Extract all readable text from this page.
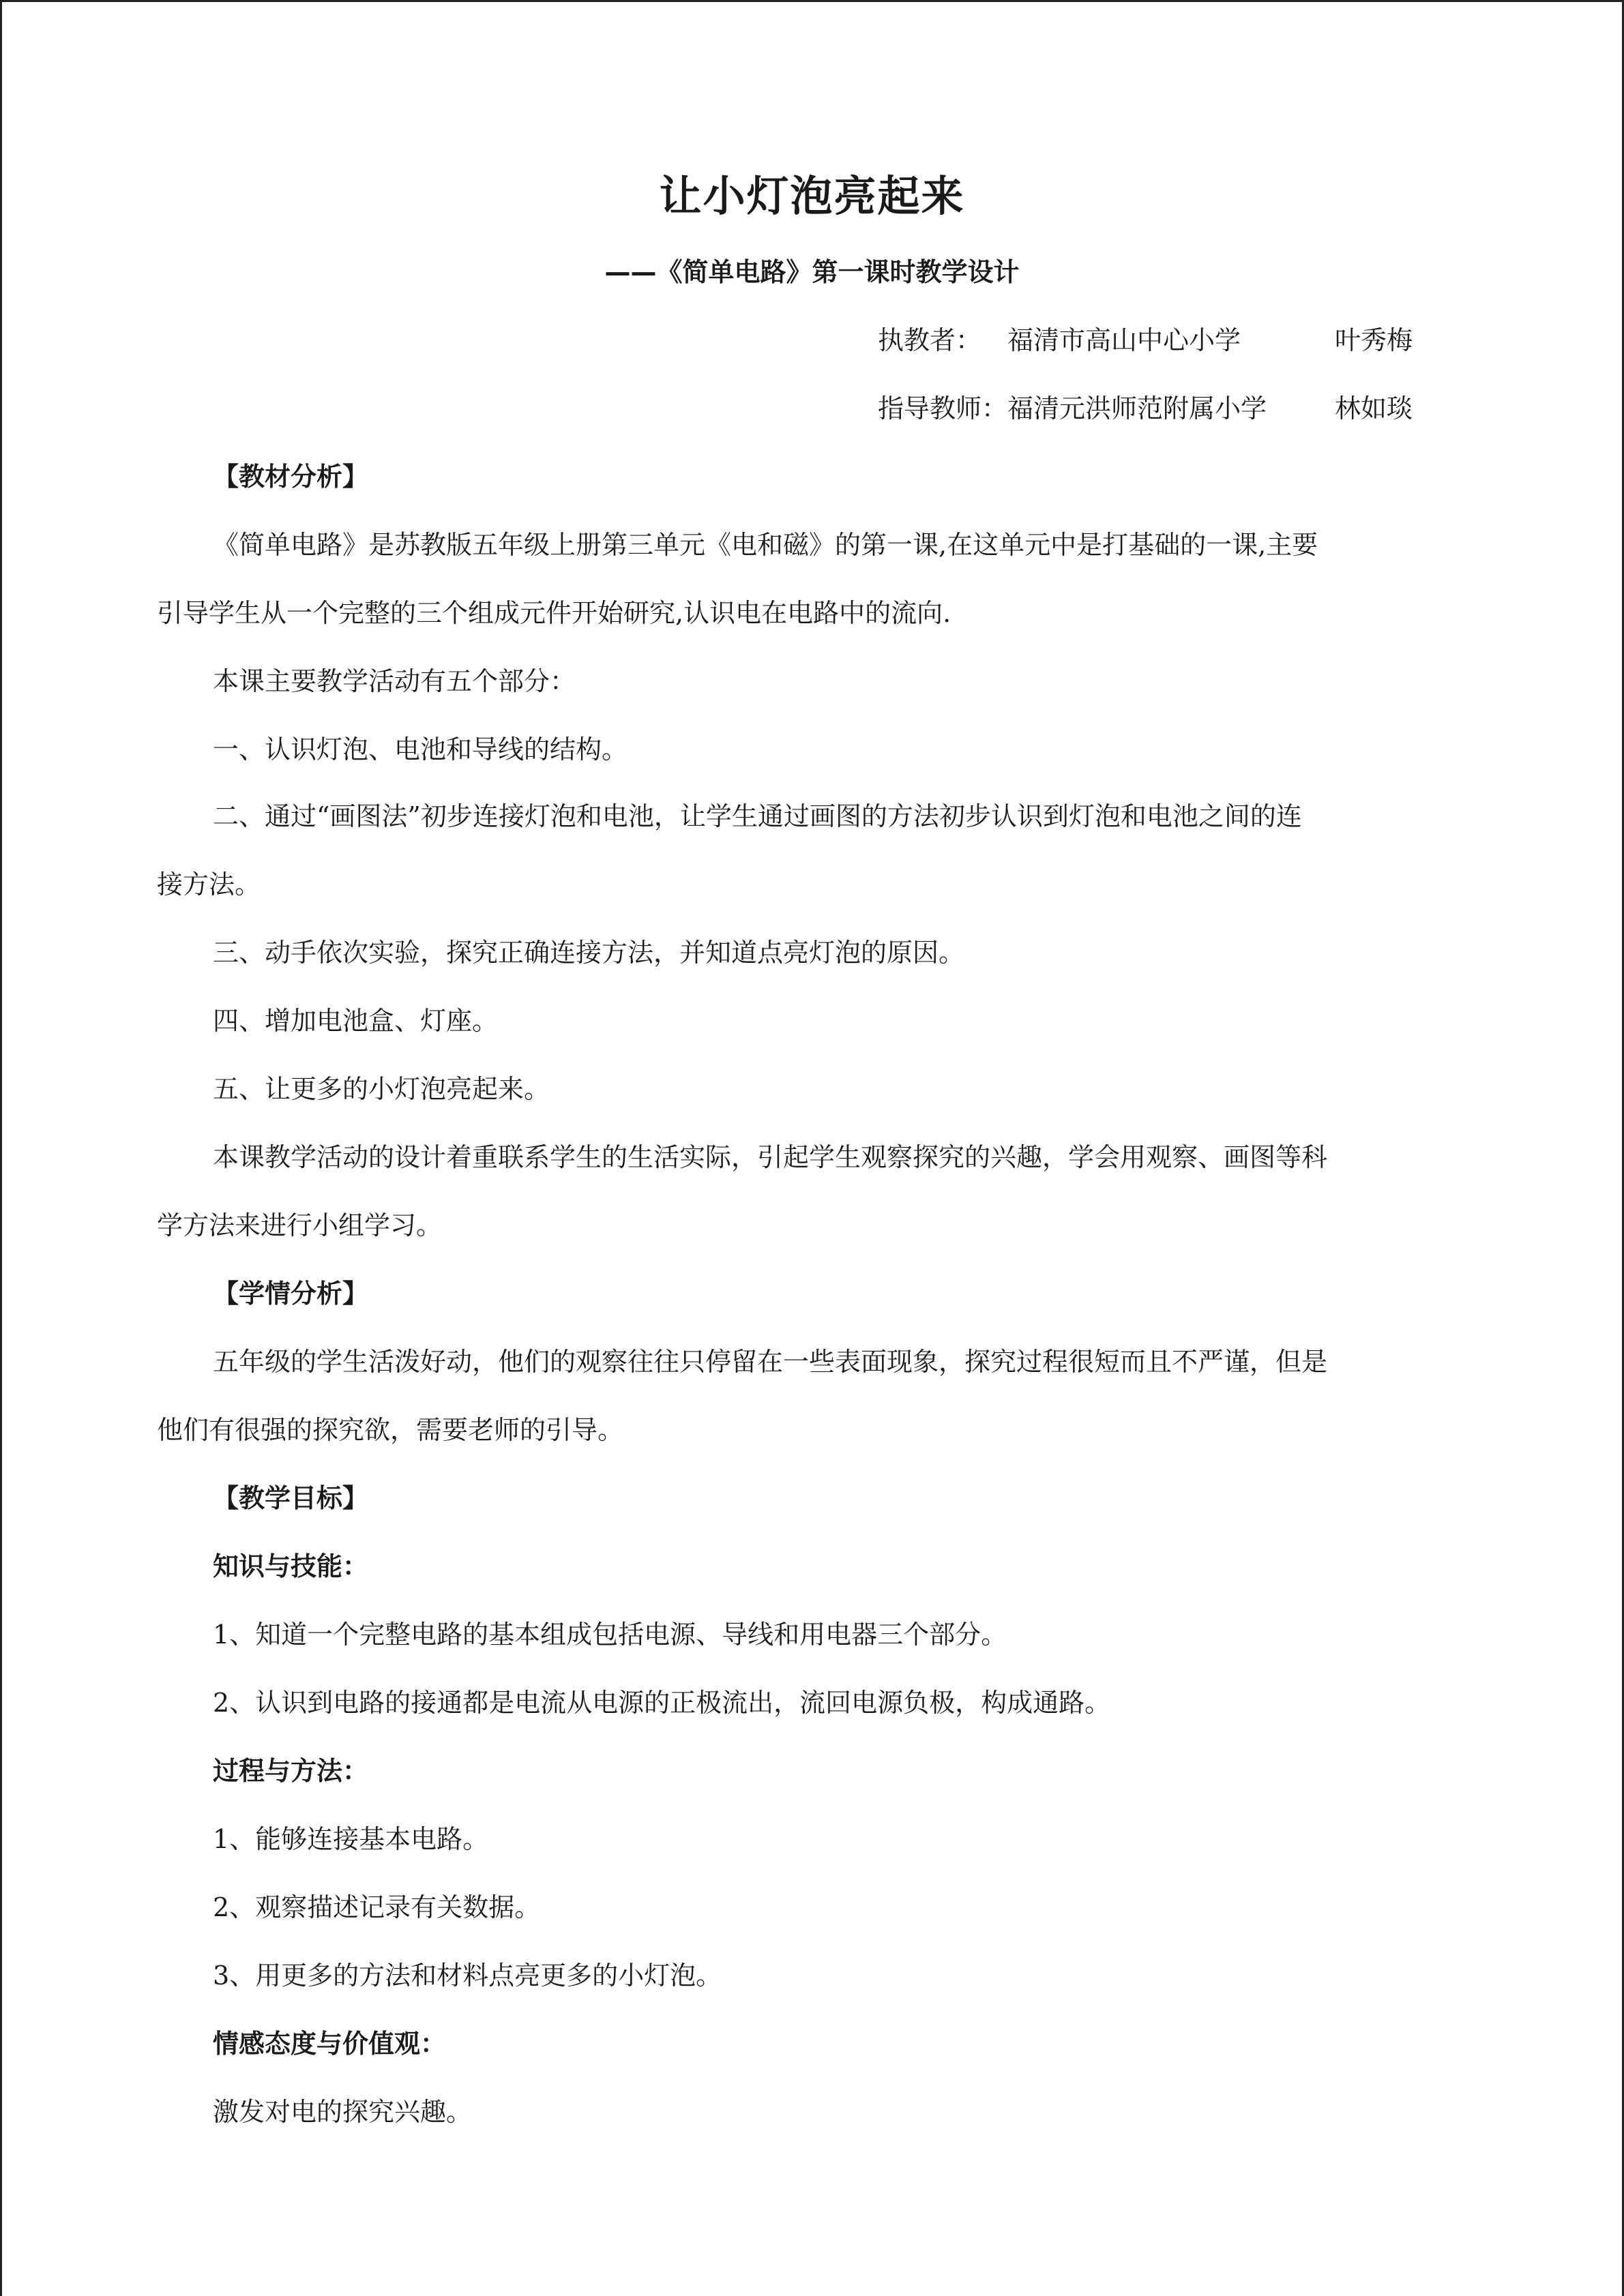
让小灯泡亮起来
——《简单电路》第一课时教学设计
执教者： 福清市高山中心小学	叶秀梅
指导教师：福清元洪师范附属小学	林如琰
【教材分析】
《简单电路》是苏教版五年级上册第三单元《电和磁》的第一课,在这单元中是打基础的一课,主要
引导学生从一个完整的三个组成元件开始研究,认识电在电路中的流向.
本课主要教学活动有五个部分：
一、认识灯泡、电池和导线的结构。
二、通过“画图法”初步连接灯泡和电池，让学生通过画图的方法初步认识到灯泡和电池之间的连
接方法。
三、动手依次实验，探究正确连接方法，并知道点亮灯泡的原因。
四、增加电池盒、灯座。
五、让更多的小灯泡亮起来。
本课教学活动的设计着重联系学生的生活实际，引起学生观察探究的兴趣，学会用观察、画图等科
学方法来进行小组学习。
【学情分析】
五年级的学生活泼好动，他们的观察往往只停留在一些表面现象，探究过程很短而且不严谨，但是
他们有很强的探究欲，需要老师的引导。
【教学目标】
知识与技能：
1、知道一个完整电路的基本组成包括电源、导线和用电器三个部分。
2、认识到电路的接通都是电流从电源的正极流出，流回电源负极，构成通路。
过程与方法：
1、能够连接基本电路。
2、观察描述记录有关数据。
3、用更多的方法和材料点亮更多的小灯泡。
情感态度与价值观：
激发对电的探究兴趣。
